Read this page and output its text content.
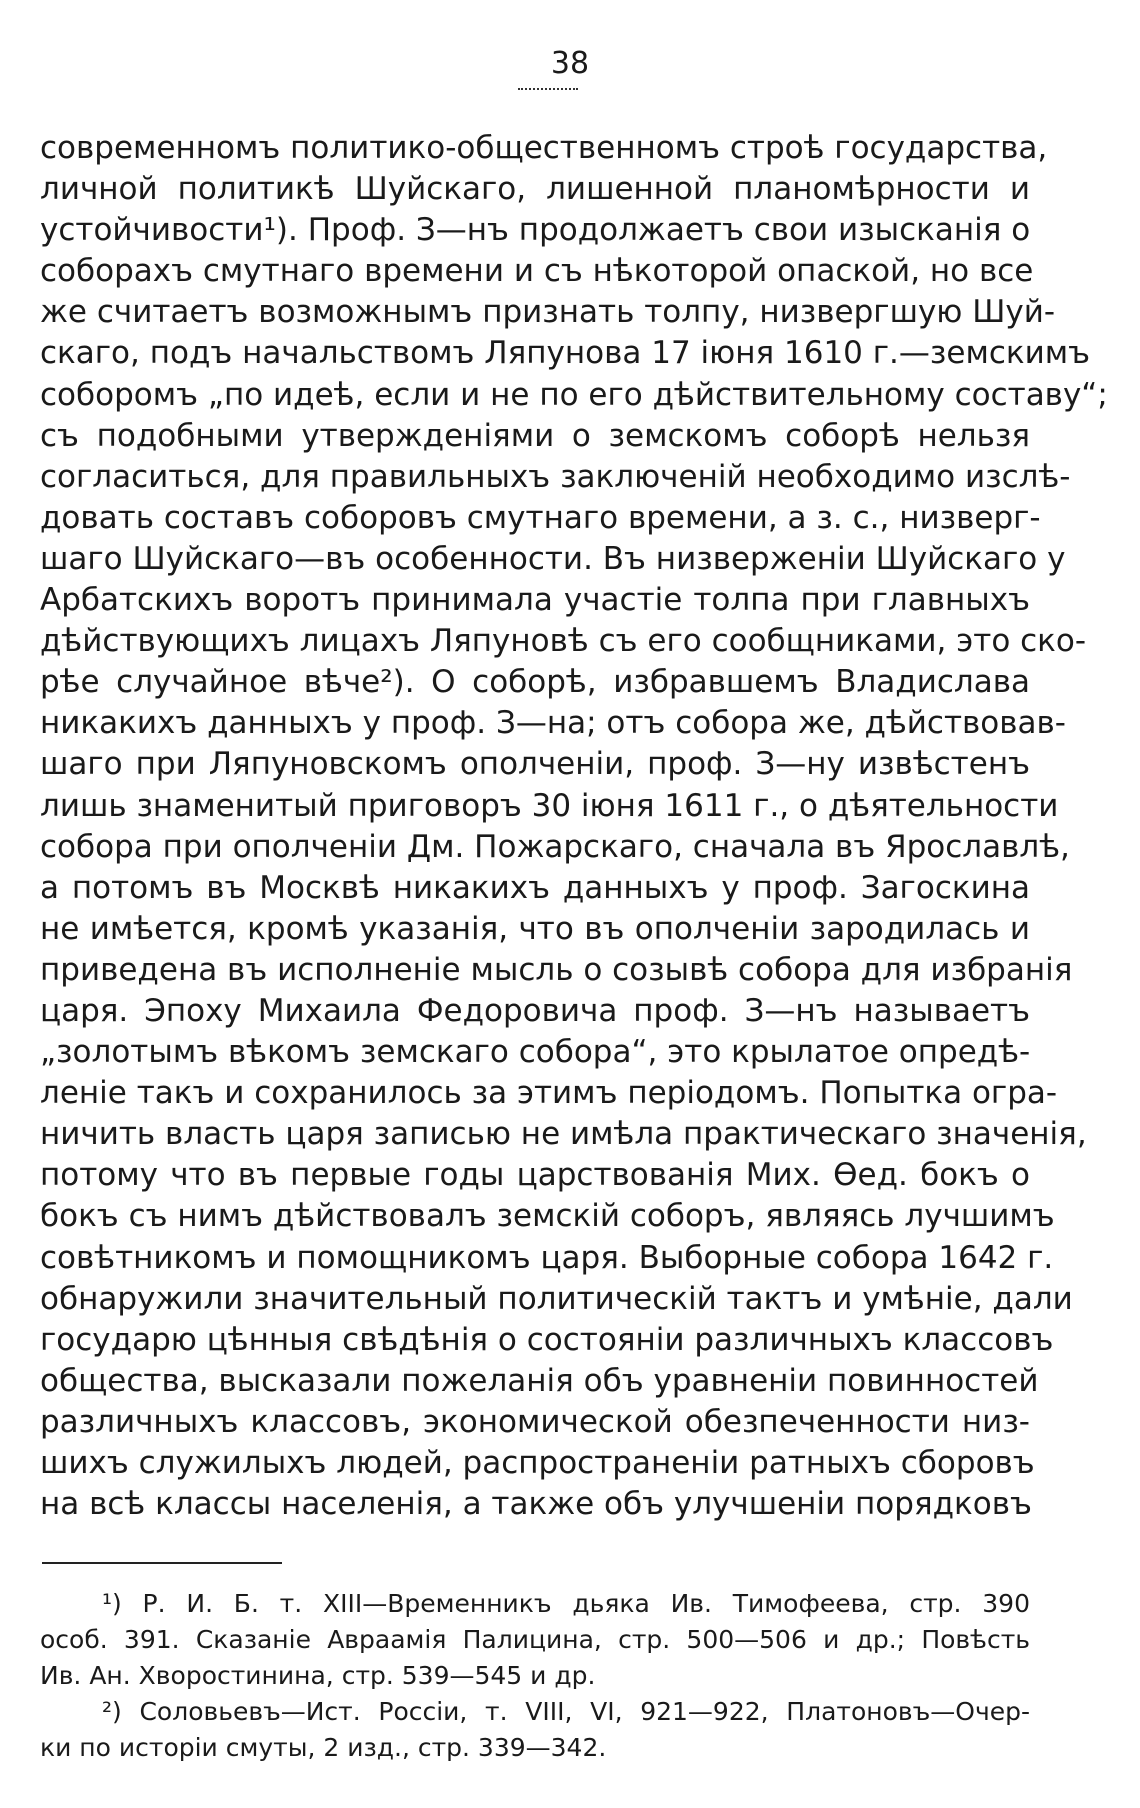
38
современномъ политико-общественномъ строѣ государства,
личной политикѣ Шуйскаго, лишенной планомѣрности и
устойчивости¹). Проф. З—нъ продолжаетъ свои изысканія о
соборахъ смутнаго времени и съ нѣкоторой опаской, но все
же считаетъ возможнымъ признать толпу, низвергшую Шуй-
скаго, подъ начальствомъ Ляпунова 17 іюня 1610 г.—земскимъ
соборомъ „по идеѣ, если и не по его дѣйствительному составу“;
съ подобными утвержденіями о земскомъ соборѣ нельзя
согласиться, для правильныхъ заключеній необходимо изслѣ-
довать составъ соборовъ смутнаго времени, а з. с., низверг-
шаго Шуйскаго—въ особенности. Въ низверженіи Шуйскаго у
Арбатскихъ воротъ принимала участіе толпа при главныхъ
дѣйствующихъ лицахъ Ляпуновѣ съ его сообщниками, это ско-
рѣе случайное вѣче²). О соборѣ, избравшемъ Владислава
никакихъ данныхъ у проф. З—на; отъ собора же, дѣйствовав-
шаго при Ляпуновскомъ ополченіи, проф. З—ну извѣстенъ
лишь знаменитый приговоръ 30 іюня 1611 г., о дѣятельности
собора при ополченіи Дм. Пожарскаго, сначала въ Ярославлѣ,
а потомъ въ Москвѣ никакихъ данныхъ у проф. Загоскина
не имѣется, кромѣ указанія, что въ ополченіи зародилась и
приведена въ исполненіе мысль о созывѣ собора для избранія
царя. Эпоху Михаила Федоровича проф. З—нъ называетъ
„золотымъ вѣкомъ земскаго собора“, это крылатое опредѣ-
леніе такъ и сохранилось за этимъ періодомъ. Попытка огра-
ничить власть царя записью не имѣла практическаго значенія,
потому что въ первые годы царствованія Мих. Ѳед. бокъ о
бокъ съ нимъ дѣйствовалъ земскій соборъ, являясь лучшимъ
совѣтникомъ и помощникомъ царя. Выборные собора 1642 г.
обнаружили значительный политическій тактъ и умѣніе, дали
государю цѣнныя свѣдѣнія о состояніи различныхъ классовъ
общества, высказали пожеланія объ уравненіи повинностей
различныхъ классовъ, экономической обезпеченности низ-
шихъ служилыхъ людей, распространеніи ратныхъ сборовъ
на всѣ классы населенія, а также объ улучшеніи порядковъ
¹) Р. И. Б. т. XIII—Временникъ дьяка Ив. Тимофеева, стр. 390
особ. 391. Сказаніе Авраамія Палицина, стр. 500—506 и др.; Повѣсть
Ив. Ан. Хворостинина, стр. 539—545 и др.
²) Соловьевъ—Ист. Россіи, т. VIII, VI, 921—922, Платоновъ—Очер-
ки по исторіи смуты, 2 изд., стр. 339—342.
